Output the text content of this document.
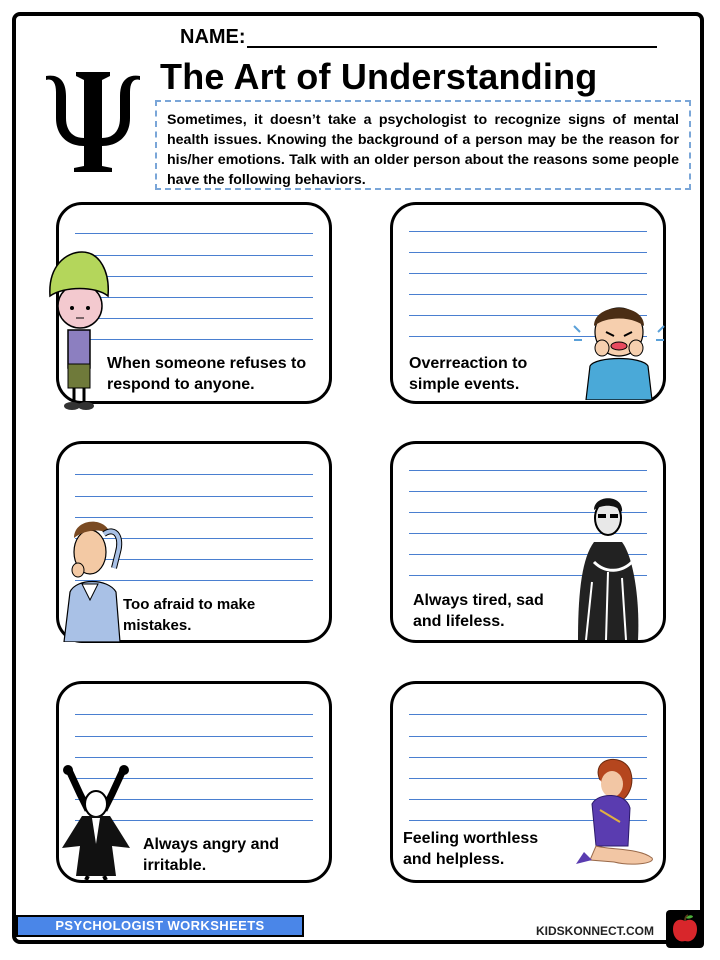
NAME:
The Art of Understanding
Sometimes, it doesn’t take a psychologist to recognize signs of mental health issues. Knowing the background of a person may be the reason for his/her emotions. Talk with an older person about the reasons some people have the following behaviors.
When someone refuses to respond to anyone.
Overreaction to simple events.
Too afraid to make mistakes.
Always tired, sad and lifeless.
Always angry and irritable.
Feeling worthless and helpless.
PSYCHOLOGIST WORKSHEETS	KIDSKONNECT.COM
